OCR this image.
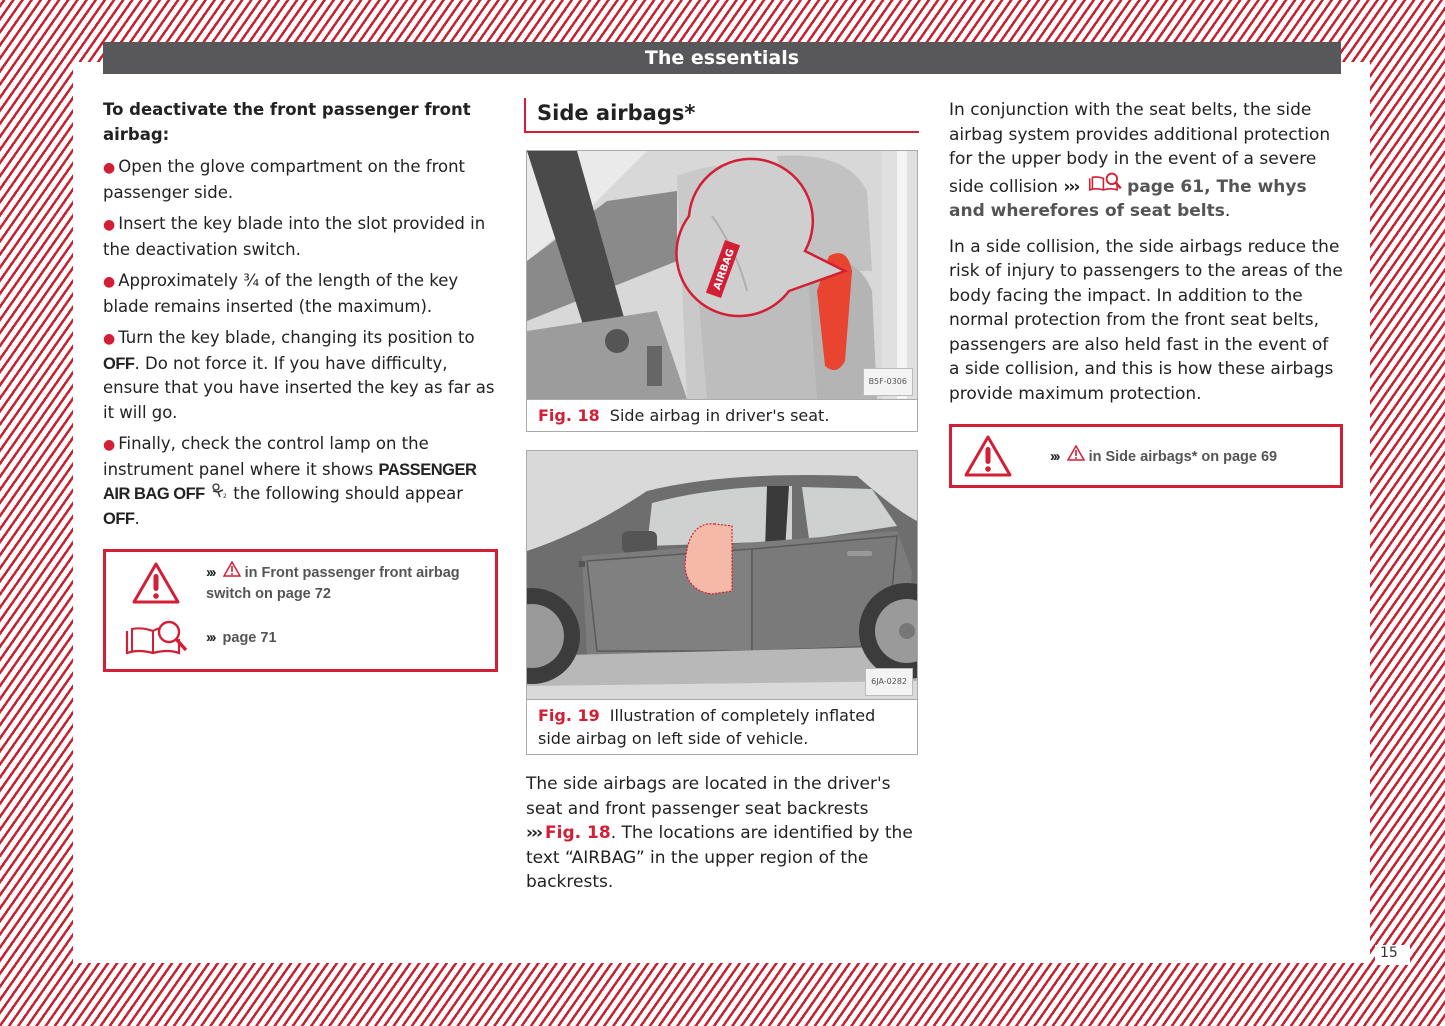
15
The essentials

To deactivate the front passenger front airbag:

● Open the glove compartment on the front passenger side.

● Insert the key blade into the slot provided in the deactivation switch.

● Approximately ¾ of the length of the key blade remains inserted (the maximum).

● Turn the key blade, changing its position to OFF. Do not force it. If you have difficulty, ensure that you have inserted the key as far as it will go.

● Finally, check the control lamp on the instrument panel where it shows PASSENGER AIR BAG OFF	2 the following should appear OFF.

››› in Front passenger front airbag switch on page 72
››› page 71
Side airbags*
AIRBAG
B5F-0306
Fig. 18 Side airbag in driver's seat.
6JA-0282
Fig. 19 Illustration of completely inflated side airbag on left side of vehicle.

The side airbags are located in the driver's seat and front passenger seat backrests ››› Fig. 18. The locations are identified by the text “AIRBAG” in the upper region of the backrests.

In conjunction with the seat belts, the side airbag system provides additional protection for the upper body in the event of a severe side collision ›››	page 61, The whys and wherefores of seat belts.

In a side collision, the side airbags reduce the risk of injury to passengers to the areas of the body facing the impact. In addition to the normal protection from the front seat belts, passengers are also held fast in the event of a side collision, and this is how these airbags provide maximum protection.

››› in Side airbags* on page 69
